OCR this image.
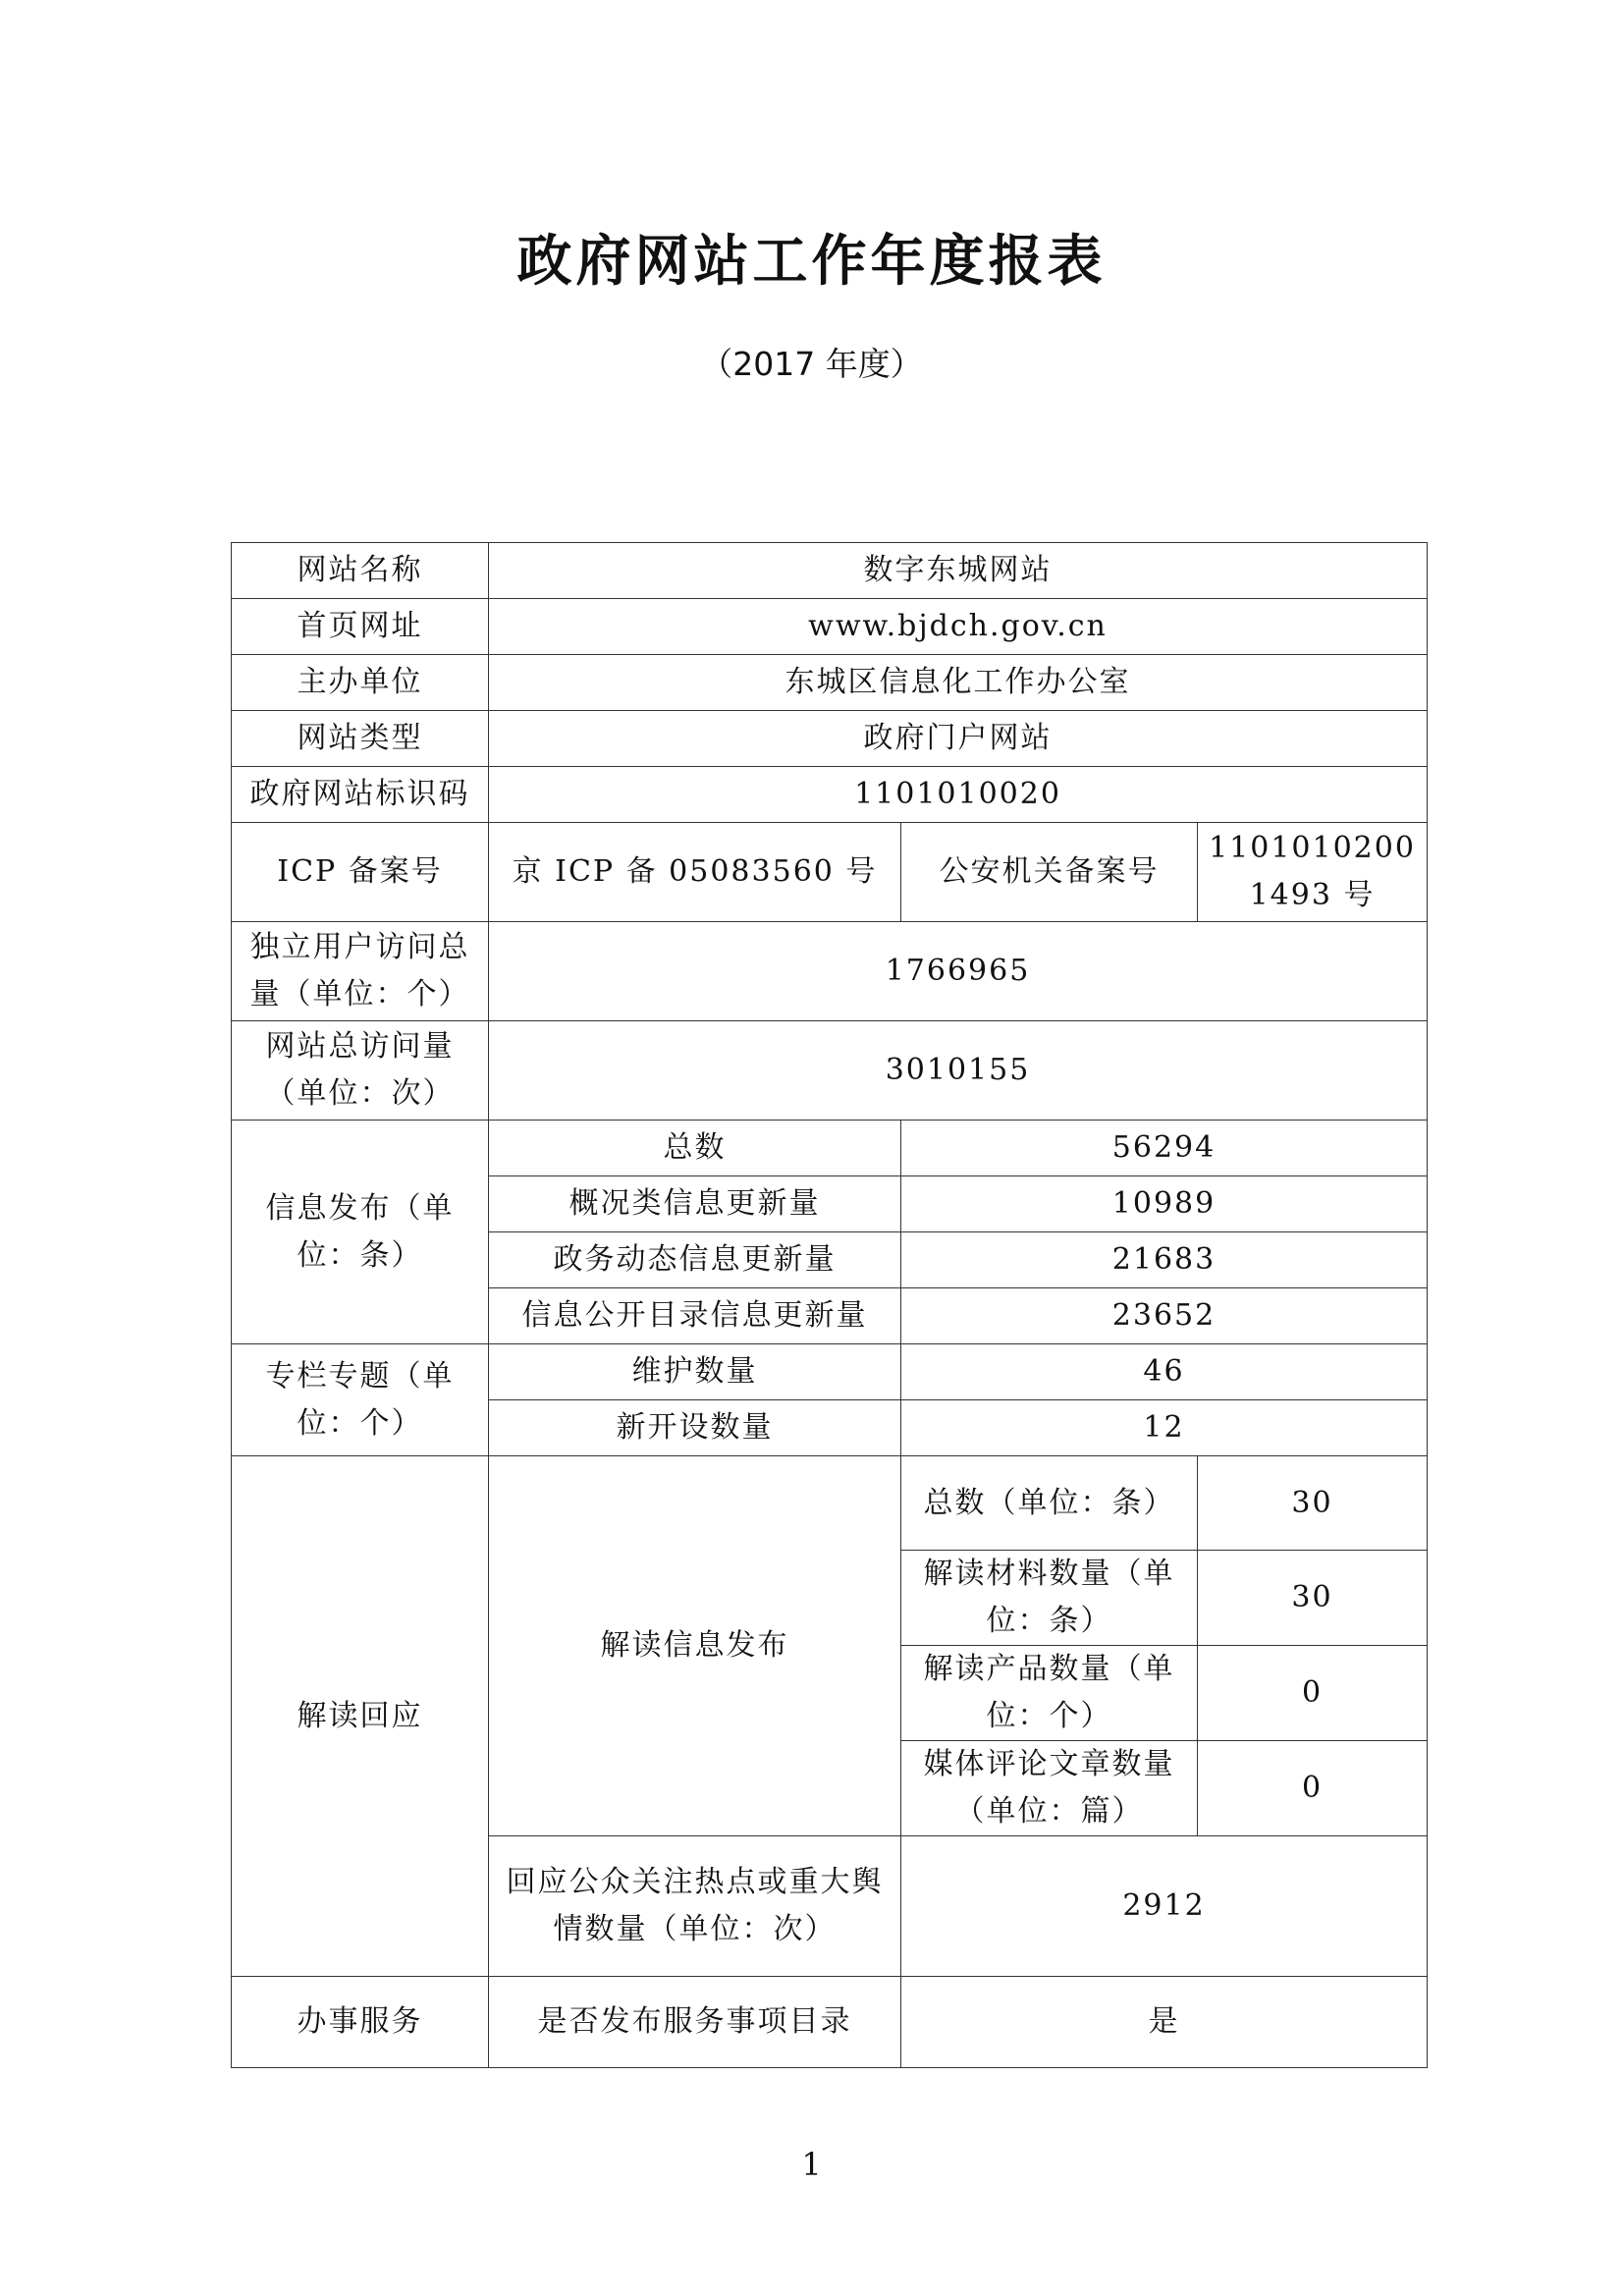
政府网站工作年度报表
（2017 年度）
网站名称	数字东城网站		
首页网址	www.bjdch.gov.cn		
主办单位	东城区信息化工作办公室		
网站类型	政府门户网站		
政府网站标识码	1101010020		
ICP 备案号	京 ICP 备 05083560 号	公安机关备案号	11010102001493 号
独立用户访问总量（单位：个）	1766965		
网站总访问量（单位：次）	3010155		
信息发布（单位：条）	总数	56294	
	概况类信息更新量	10989	
	政务动态信息更新量	21683	
	信息公开目录信息更新量	23652	
专栏专题（单位：个）	维护数量	46	
	新开设数量	12	
解读回应	解读信息发布	总数（单位：条）	30
		解读材料数量（单位：条）	30
		解读产品数量（单位：个）	0
		媒体评论文章数量（单位：篇）	0
	回应公众关注热点或重大舆情数量（单位：次）	2912	
办事服务	是否发布服务事项目录	是	
1
